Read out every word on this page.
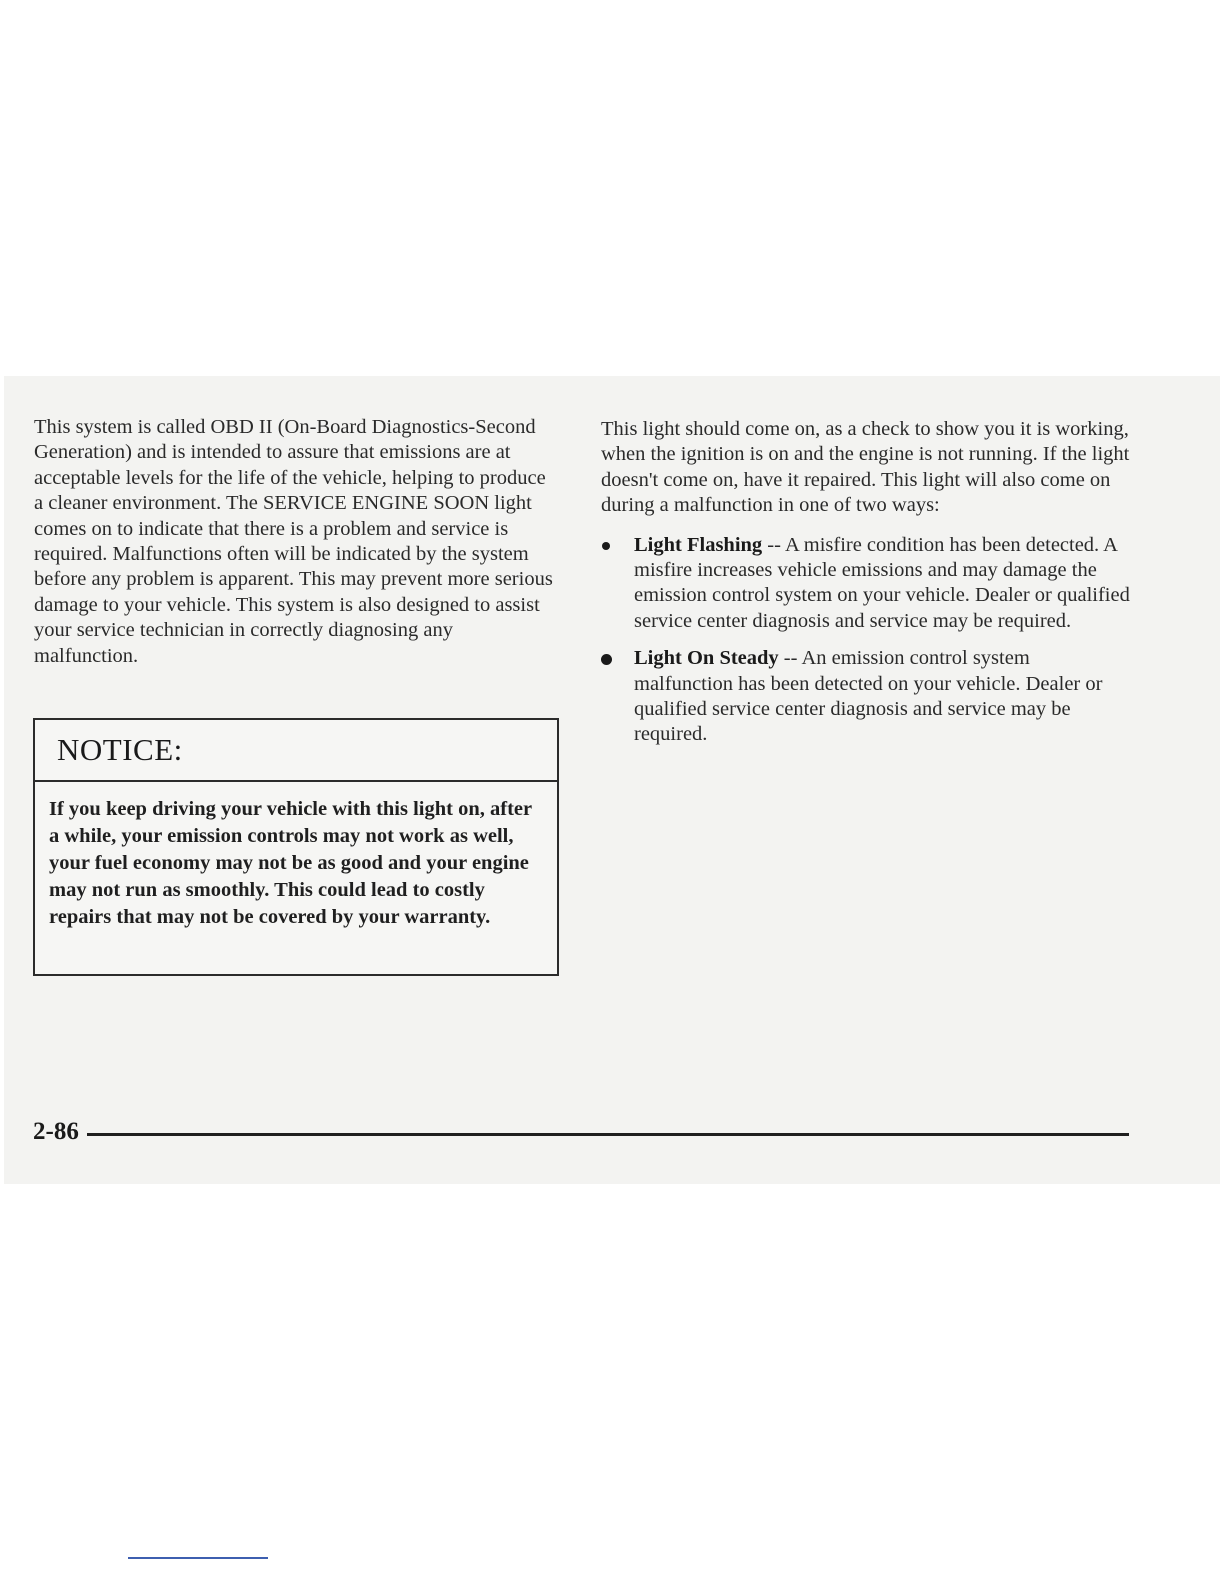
This system is called OBD II (On-Board Diagnostics-Second Generation) and is intended to assure that emissions are at acceptable levels for the life of the vehicle, helping to produce a cleaner environment. The SERVICE ENGINE SOON light comes on to indicate that there is a problem and service is required. Malfunctions often will be indicated by the system before any problem is apparent. This may prevent more serious damage to your vehicle. This system is also designed to assist your service technician in correctly diagnosing any malfunction.

NOTICE:

If you keep driving your vehicle with this light on, after a while, your emission controls may not work as well, your fuel economy may not be as good and your engine may not run as smoothly. This could lead to costly repairs that may not be covered by your warranty.

This light should come on, as a check to show you it is working, when the ignition is on and the engine is not running. If the light doesn't come on, have it repaired. This light will also come on during a malfunction in one of two ways:

Light Flashing -- A misfire condition has been detected. A misfire increases vehicle emissions and may damage the emission control system on your vehicle. Dealer or qualified service center diagnosis and service may be required.
Light On Steady -- An emission control system malfunction has been detected on your vehicle. Dealer or qualified service center diagnosis and service may be required.
2-86
